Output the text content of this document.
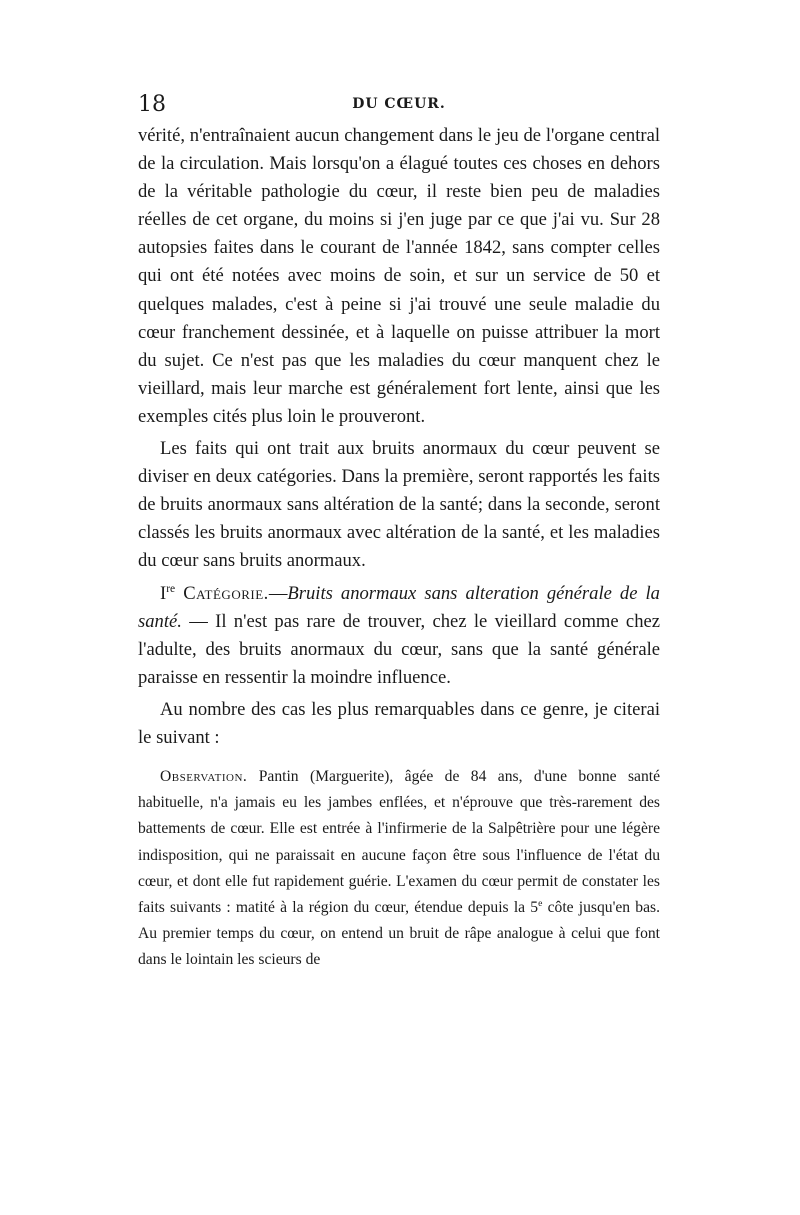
18	DU CŒUR.

vérité, n'entraînaient aucun changement dans le jeu de l'organe central de la circulation. Mais lorsqu'on a élagué toutes ces choses en dehors de la véritable pathologie du cœur, il reste bien peu de maladies réelles de cet organe, du moins si j'en juge par ce que j'ai vu. Sur 28 autopsies faites dans le courant de l'année 1842, sans compter celles qui ont été notées avec moins de soin, et sur un service de 50 et quelques malades, c'est à peine si j'ai trouvé une seule maladie du cœur franchement dessinée, et à laquelle on puisse attribuer la mort du sujet. Ce n'est pas que les maladies du cœur manquent chez le vieillard, mais leur marche est généralement fort lente, ainsi que les exemples cités plus loin le prouveront.

Les faits qui ont trait aux bruits anormaux du cœur peuvent se diviser en deux catégories. Dans la première, seront rapportés les faits de bruits anormaux sans altération de la santé; dans la seconde, seront classés les bruits anormaux avec altération de la santé, et les maladies du cœur sans bruits anormaux.

Ire Catégorie.—Bruits anormaux sans alteration générale de la santé. — Il n'est pas rare de trouver, chez le vieillard comme chez l'adulte, des bruits anormaux du cœur, sans que la santé générale paraisse en ressentir la moindre influence.

Au nombre des cas les plus remarquables dans ce genre, je citerai le suivant :

Observation. Pantin (Marguerite), âgée de 84 ans, d'une bonne santé habituelle, n'a jamais eu les jambes enflées, et n'éprouve que très-rarement des battements de cœur. Elle est entrée à l'infirmerie de la Salpêtrière pour une légère indisposition, qui ne paraissait en aucune façon être sous l'influence de l'état du cœur, et dont elle fut rapidement guérie. L'examen du cœur permit de constater les faits suivants : matité à la région du cœur, étendue depuis la 5e côte jusqu'en bas. Au premier temps du cœur, on entend un bruit de râpe analogue à celui que font dans le lointain les scieurs de
